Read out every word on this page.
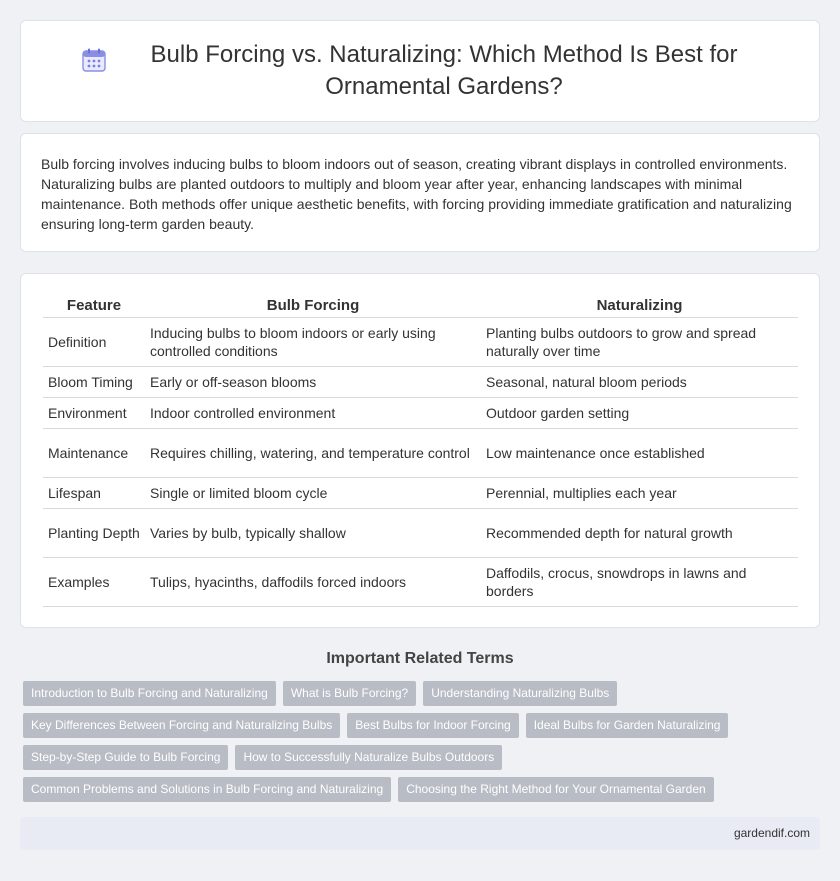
Bulb Forcing vs. Naturalizing: Which Method Is Best for Ornamental Gardens?

Bulb forcing involves inducing bulbs to bloom indoors out of season, creating vibrant displays in controlled environments. Naturalizing bulbs are planted outdoors to multiply and bloom year after year, enhancing landscapes with minimal maintenance. Both methods offer unique aesthetic benefits, with forcing providing immediate gratification and naturalizing ensuring long-term garden beauty.

Feature	Bulb Forcing	Naturalizing
Definition	Inducing bulbs to bloom indoors or early using controlled conditions	Planting bulbs outdoors to grow and spread naturally over time
Bloom Timing	Early or off-season blooms	Seasonal, natural bloom periods
Environment	Indoor controlled environment	Outdoor garden setting
Maintenance	Requires chilling, watering, and temperature control	Low maintenance once established
Lifespan	Single or limited bloom cycle	Perennial, multiplies each year
Planting Depth	Varies by bulb, typically shallow	Recommended depth for natural growth
Examples	Tulips, hyacinths, daffodils forced indoors	Daffodils, crocus, snowdrops in lawns and borders
Important Related Terms
Introduction to Bulb Forcing and Naturalizing	What is Bulb Forcing?	Understanding Naturalizing Bulbs
Key Differences Between Forcing and Naturalizing Bulbs	Best Bulbs for Indoor Forcing	Ideal Bulbs for Garden Naturalizing
Step-by-Step Guide to Bulb Forcing	How to Successfully Naturalize Bulbs Outdoors
Common Problems and Solutions in Bulb Forcing and Naturalizing	Choosing the Right Method for Your Ornamental Garden
gardendif.com
